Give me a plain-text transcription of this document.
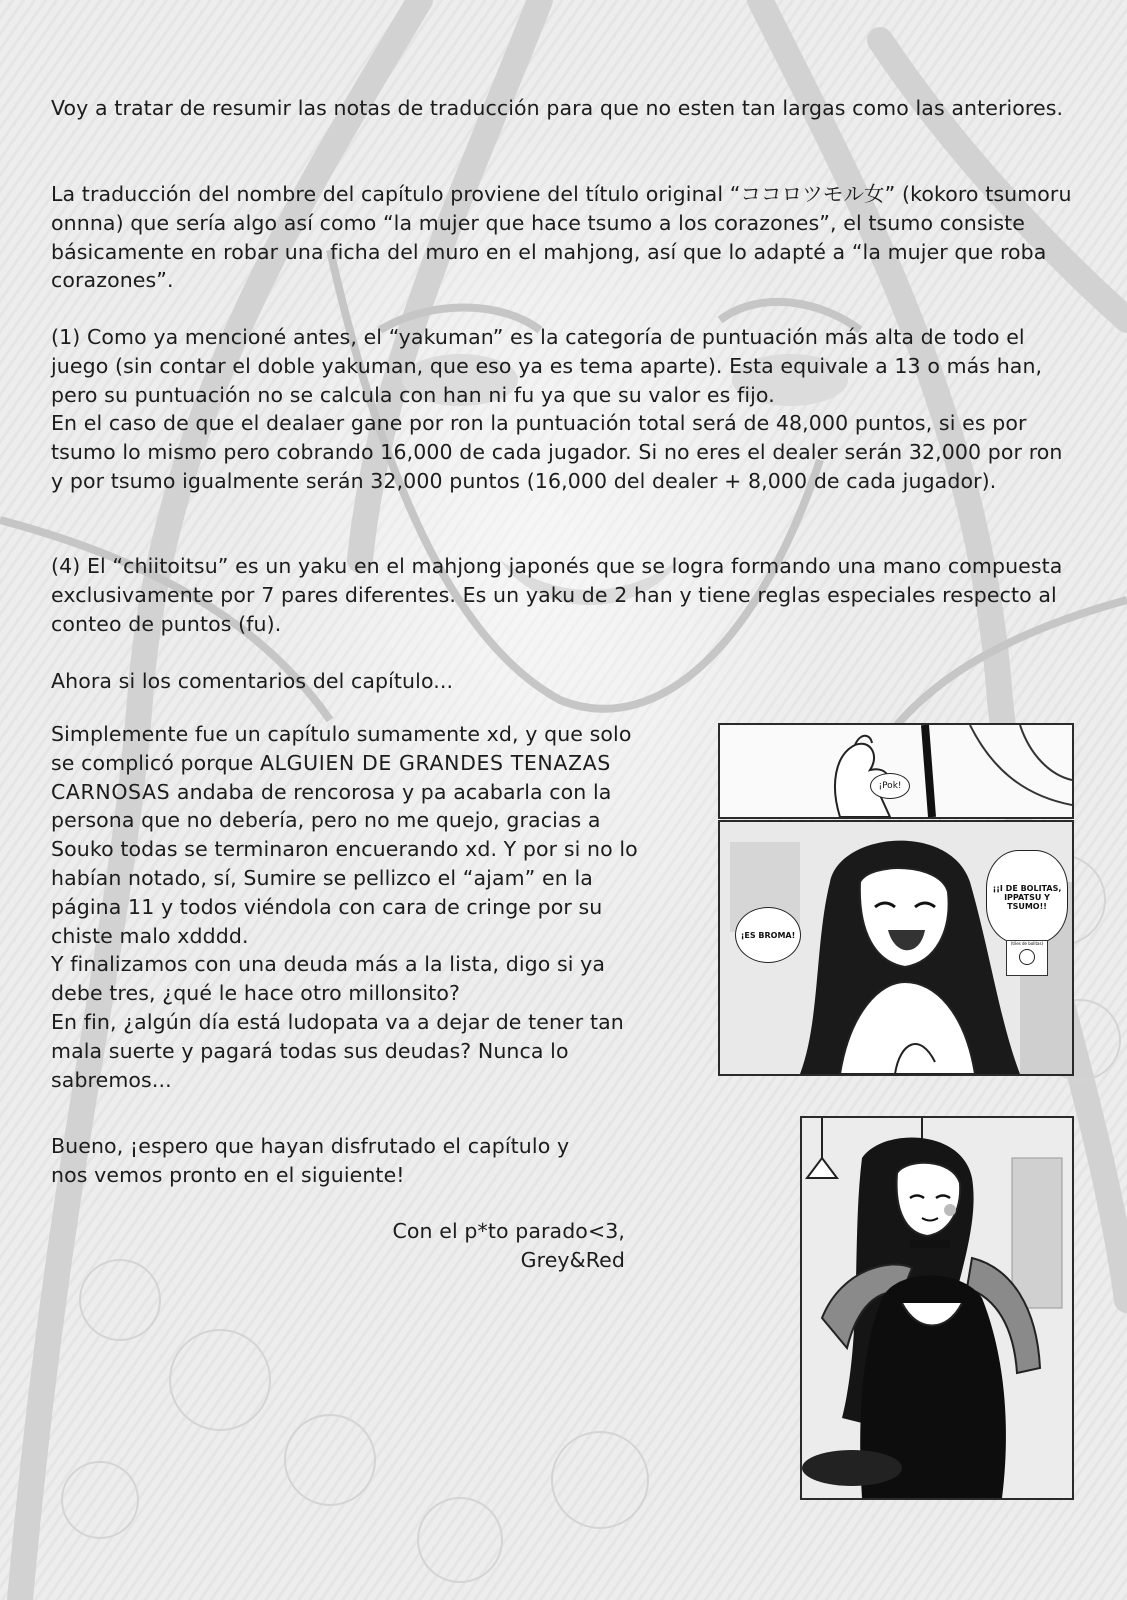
Voy a tratar de resumir las notas de traducción para que no esten tan largas como las anteriores.

La traducción del nombre del capítulo proviene del título original “ココロツモル女” (kokoro tsumoru onnna) que sería algo así como “la mujer que hace tsumo a los corazones”, el tsumo consiste básicamente en robar una ficha del muro en el mahjong, así que lo adapté a “la mujer que roba corazones”.

(1) Como ya mencioné antes, el “yakuman” es la categoría de puntuación más alta de todo el juego (sin contar el doble yakuman, que eso ya es tema aparte). Esta equivale a 13 o más han, pero su puntuación no se calcula con han ni fu ya que su valor es fijo.

En el caso de que el dealaer gane por ron la puntuación total será de 48,000 puntos, si es por tsumo lo mismo pero cobrando 16,000 de cada jugador. Si no eres el dealer serán 32,000 por ron y por tsumo igualmente serán 32,000 puntos (16,000 del dealer + 8,000 de cada jugador).

(4) El “chiitoitsu” es un yaku en el mahjong japonés que se logra formando una mano compuesta exclusivamente por 7 pares diferentes. Es un yaku de 2 han y tiene reglas especiales respecto al conteo de puntos (fu).

Ahora si los comentarios del capítulo...

Simplemente fue un capítulo sumamente xd, y que solo se complicó porque ALGUIEN DE GRANDES TENAZAS CARNOSAS andaba de rencorosa y pa acabarla con la persona que no debería, pero no me quejo, gracias a Souko todas se terminaron encuerando xd. Y por si no lo habían notado, sí, Sumire se pellizco el “ajam” en la página 11 y todos viéndola con cara de cringe por su chiste malo xdddd.
Y finalizamos con una deuda más a la lista, digo si ya debe tres, ¿qué le hace otro millonsito?
En fin, ¿algún día está ludopata va a dejar de tener tan mala suerte y pagará todas sus deudas? Nunca lo sabremos...

Bueno, ¡espero que hayan disfrutado el capítulo y nos vemos pronto en el siguiente!

Con el p*to parado<3,
Grey&Red
¡Pok!
¡ES BROMA!
¡¡I DE BOLITAS, IPPATSU Y TSUMO!!
(tiles de bolitas)
